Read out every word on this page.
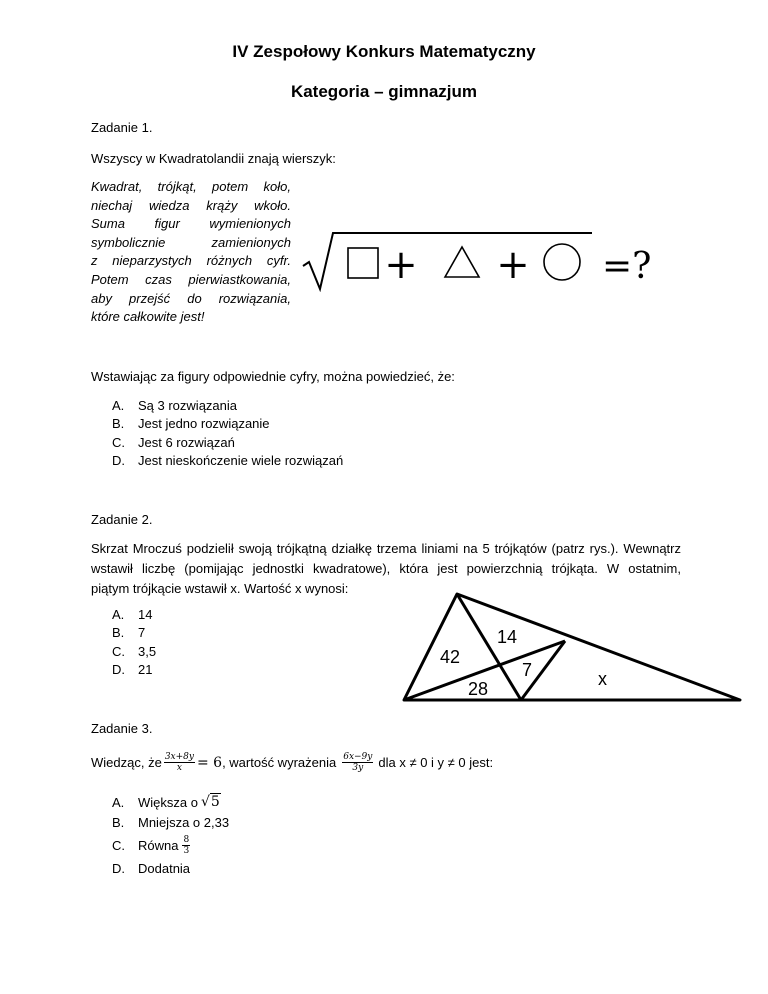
IV Zespołowy Konkurs Matematyczny
Kategoria – gimnazjum
Zadanie 1.
Wszyscy w Kwadratolandii znają wierszyk:
Kwadrat, trójkąt, potem koło,
niechaj wiedza krąży wkoło.
Suma figur wymienionych
symbolicznie zamienionych
z nieparzystych różnych cyfr.
Potem czas pierwiastkowania,
aby przejść do rozwiązania,
które całkowite jest!
+ + =?
Wstawiając za figury odpowiednie cyfry, można powiedzieć, że:
A.	Są 3 rozwiązania
B.	Jest jedno rozwiązanie
C.	Jest 6 rozwiązań
D.	Jest nieskończenie wiele rozwiązań
Zadanie 2.
Skrzat Mroczuś podzielił swoją trójkątną działkę trzema liniami na 5 trójkątów (patrz rys.). Wewnątrz
wstawił liczbę (pomijając jednostki kwadratowe), która jest powierzchnią trójkąta. W ostatnim,
piątym trójkącie wstawił x. Wartość x wynosi:
A.	14
B.	7
C.	3,5
D.	21
42
14
7
28	x
Zadanie 3.
Wiedząc, że $\frac{3x+8y}{x} = 6$ , wartość wyrażenia $\frac{6x-9y}{3y}$ dla x ≠ 0 i y ≠ 0 jest:
A.	Większa o √5
B.	Mniejsza o 2,33
C.	Równa $\frac{8}{3}$
D.	Dodatnia
